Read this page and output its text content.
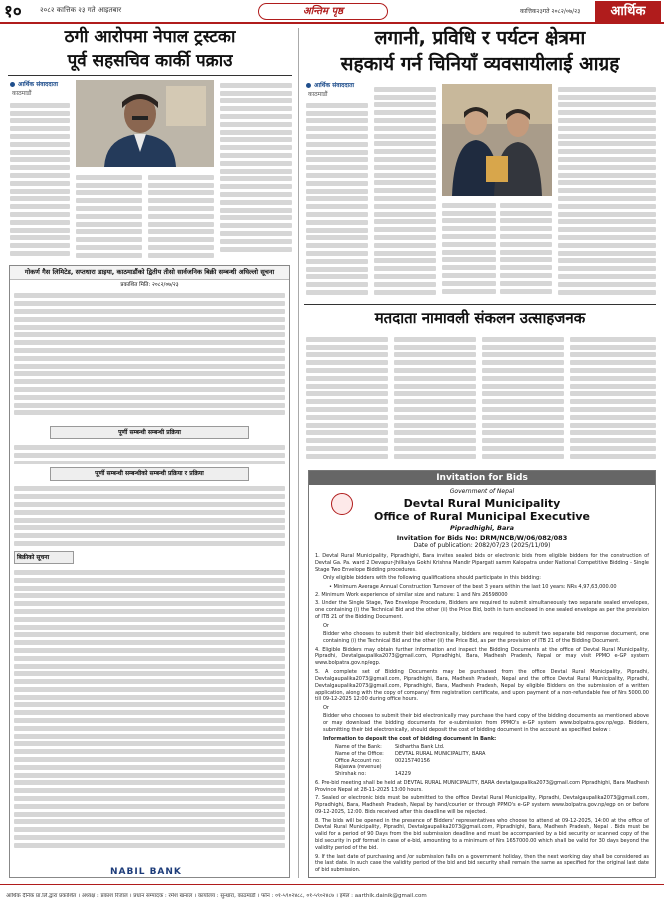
१०	२०८२ कात्तिक २३ गते आइतबार	अन्तिम पृष्ठ	कात्तिक२३गते २०८२/०७/२३	आर्थिक
ठगी आरोपमा नेपाल ट्रस्टका
पूर्व सहसचिव कार्की पक्राउ
आर्थिक संवाददाता
काठमाडौं
लगानी, प्रविधि र पर्यटन क्षेत्रमा
सहकार्य गर्न चिनियाँ व्यवसायीलाई आग्रह
आर्थिक संवाददाता
काठमाडौं
गोकर्ण गैस लिमिटेड, सप्तधारा डाइया, काठमाडौंको द्वितीय तीसो सार्वजनिक बिक्री सम्बन्धी अघिल्लो सूचना
प्रकाशित मिति: २०८२/०७/२३
पूर्णी सम्बन्धी सम्बन्धी प्रक्रिया
पूर्णी सम्बन्धी सम्बन्धीको सम्बन्धी प्रक्रिया र प्रक्रिया
बिक्रीको सूचना
NABIL BANK
मतदाता नामावली संकलन उत्साहजनक
Invitation for Bids
Government of Nepal
Devtal Rural Municipality
Office of Rural Municipal Executive
Pipradhighi, Bara
Invitation for Bids No: DRM/NCB/W/06/082/083
Date of publication: 2082/07/23 (2025/11/09)

1. Devtal Rural Municipality, Pipradhighi, Bara invites sealed bids or electronic bids from eligible bidders for the construction of Devtal Ga. Pa. ward 2 Devapur-Jhilkaiya Gokhi Krishna Mandir Pipargati samm Kalopatra under National Competitive Bidding - Single Stage Two Envelope Bidding procedures.

Only eligible bidders with the following qualifications should participate in this bidding:

• Minimum Average Annual Construction Turnover of the best 3 years within the last 10 years: NRs 4,97,63,000.00

2. Minimum Work experience of similar size and nature: 1 and Nrs 26598000

3. Under the Single Stage, Two Envelope Procedure, Bidders are required to submit simultaneously two separate sealed envelopes, one containing (i) the Technical Bid and the other (ii) the Price Bid, both in turn enclosed in one sealed envelope as per the provision of ITB 21 of the Bidding Document.

Or

Bidder who chooses to submit their bid electronically, bidders are required to submit two separate bid response document, one containing (i) the Technical Bid and the other (ii) the Price Bid, as per the provision of ITB 21 of the Bidding Document.

4. Eligible Bidders may obtain further information and inspect the Bidding Documents at the office of Devtal Rural Municipality, Pipradhi, Devtalgaupalika2073@gmail.com, Pipradhighi, Bara, Madhesh Pradesh, Nepal or may visit PPMO e-GP system www.bolpatra.gov.np/egp.

5. A complete set of Bidding Documents may be purchased from the office Devtal Rural Municipality, Pipradhi, Devtalgaupalika2073@gmail.com, Pipradhighi, Bara, Madhesh Pradesh, Nepal and the office Devtal Rural Municipality, Pipradhi, Devtalgaupalika2073@gmail.com, Pipradhighi, Bara, Madhesh Pradesh, Nepal by eligible Bidders on the submission of a written application, along with the copy of company/ firm registration certificate, and upon payment of a non-refundable fee of Nrs 5000.00 till 09-12-2025 12:00 during office hours.

Or

Bidder who chooses to submit their bid electronically may purchase the hard copy of the bidding documents as mentioned above or may download the bidding documents for e-submission from PPMO's e-GP system www.bolpatra.gov.np/egp. Bidders, submitting their bid electronically, should deposit the cost of bidding document in the account as specified below :

Information to deposit the cost of bidding document in Bank:

Name of the Bank:	Sidhartha Bank Ltd.
Name of the Office: DEVTAL RURAL MUNICIPALITY, BARA
Office Account no:	00215740156
Rajaswa (revenue) Shirshak no:	14229

6. Pre-bid meeting shall be held at DEVTAL RURAL MUNICIPALITY, BARA devtalgaupalika2073@gmail.com Pipradhighi, Bara Madhesh Province Nepal at 28-11-2025 13:00 hours.

7. Sealed or electronic bids must be submitted to the office Devtal Rural Municipality, Pipradhi, Devtalgaupalika2073@gmail.com, Pipradhighi, Bara, Madhesh Pradesh, Nepal by hand/courier or through PPMO's e-GP system www.bolpatra.gov.np/egp on or before 09-12-2025, 12:00. Bids received after this deadline will be rejected.

8. The bids will be opened in the presence of Bidders' representatives who choose to attend at 09-12-2025, 14:00 at the office of Devtal Rural Municipality, Pipradhi, Devtalgaupalika2073@gmail.com, Pipradhighi, Bara, Madhesh Pradesh, Nepal . Bids must be valid for a period of 90 Days from the bid submission deadline and must be accompanied by a bid security or scanned copy of the bid security in pdf format in case of e-bid, amounting to a minimum of Nrs 1657000.00 which shall be valid for 30 days beyond the validity period of the bid.

9. If the last date of purchasing and /or submission falls on a government holiday, then the next working day shall be considered as the last date. In such case the validity period of the bid and bid security shall remain the same as specified for the original last date of bid submission.

आर्थिक दैनिक प्रा.लि.द्वारा प्रकाशित । अध्यक्ष : प्रकाश रिजाल । प्रधान सम्पादक : रमेश खनाल । कार्यालय : सुन्धारा, काठमाडौं । फोन : ०१-५९०२४८८, ०१-५९०२४८७ । इमेल : aarthik.dainik@gmail.com
